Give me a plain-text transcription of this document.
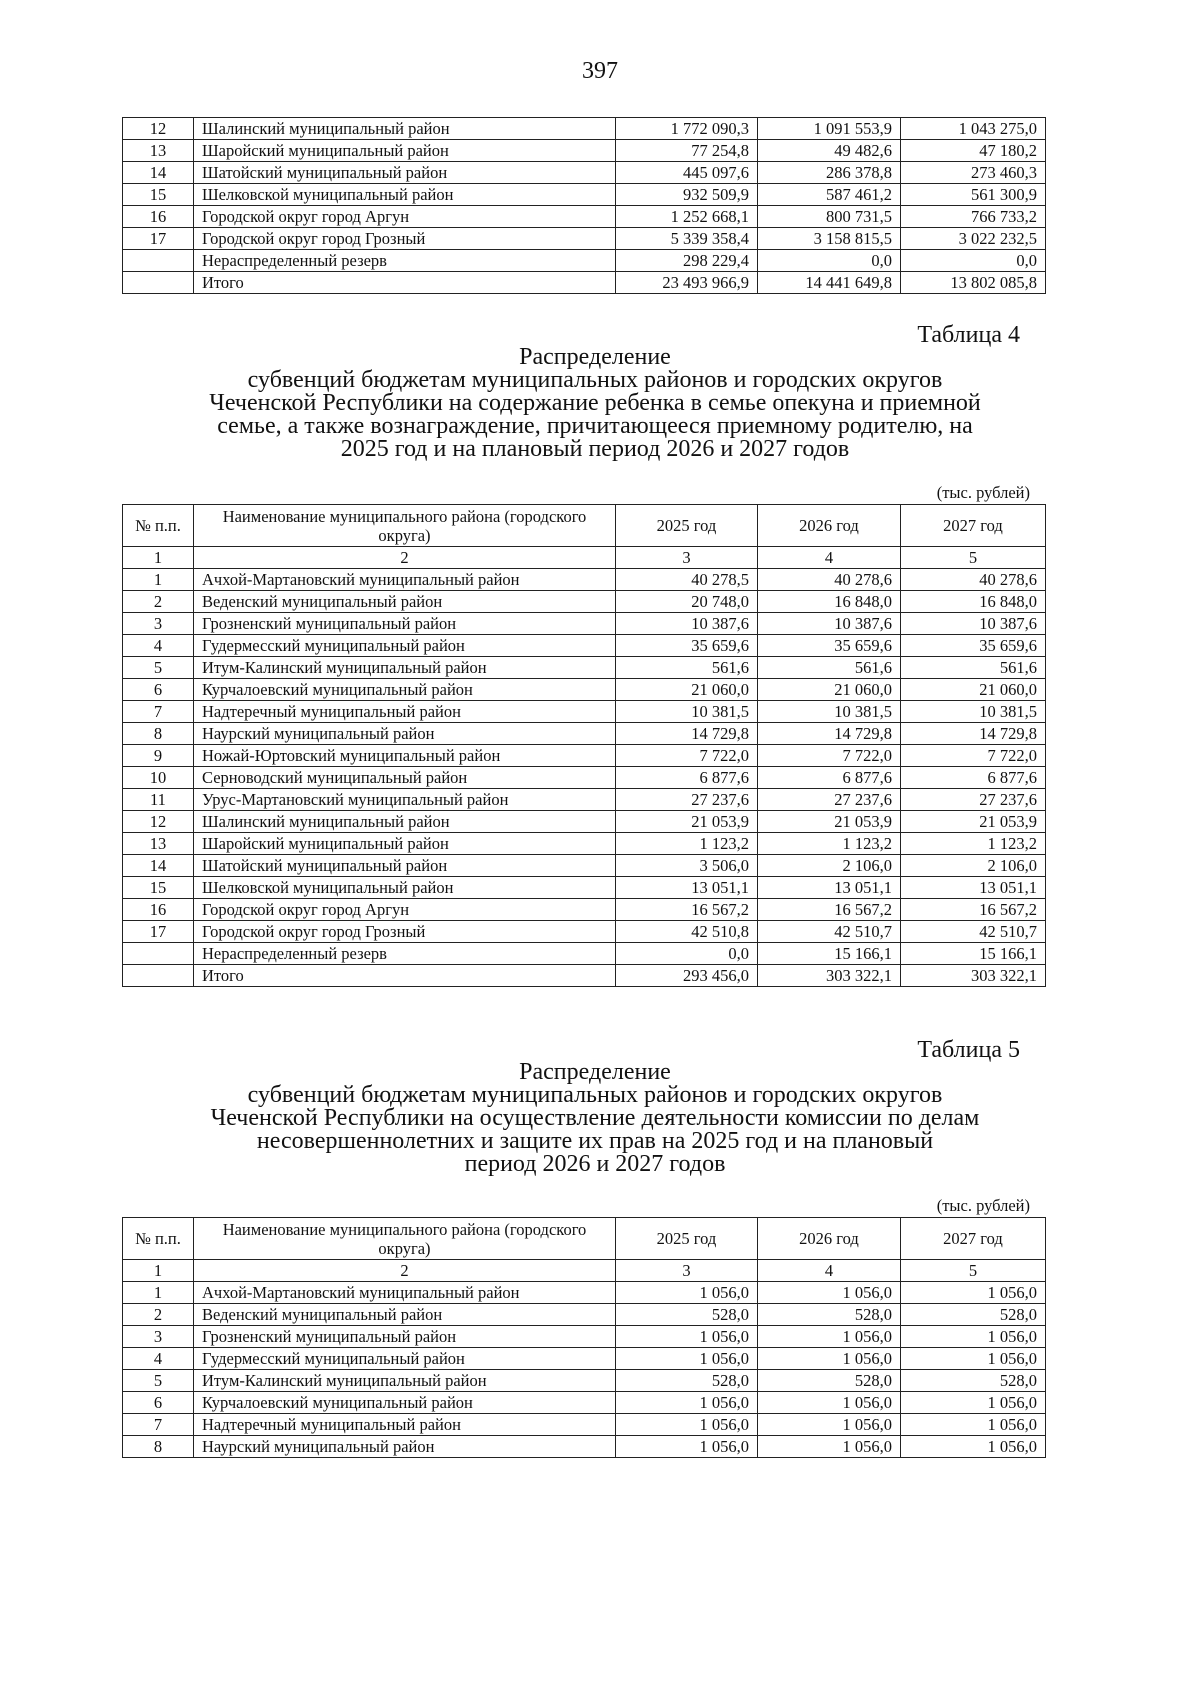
397
12	Шалинский муниципальный район	1 772 090,3	1 091 553,9	1 043 275,0
13	Шаройский муниципальный район	77 254,8	49 482,6	47 180,2
14	Шатойский муниципальный район	445 097,6	286 378,8	273 460,3
15	Шелковской муниципальный район	932 509,9	587 461,2	561 300,9
16	Городской округ город Аргун	1 252 668,1	800 731,5	766 733,2
17	Городской округ город Грозный	5 339 358,4	3 158 815,5	3 022 232,5
	Нераспределенный резерв	298 229,4	0,0	0,0
	Итого	23 493 966,9	14 441 649,8	13 802 085,8
Таблица 4
Распределение
субвенций бюджетам муниципальных районов и городских округов
Чеченской Республики на содержание ребенка в семье опекуна и приемной
семье, а также вознаграждение, причитающееся приемному родителю, на
2025 год и на плановый период 2026 и 2027 годов
(тыс. рублей)
№ п.п.	Наименование муниципального района (городского округа)	2025 год	2026 год	2027 год
1	2	3	4	5
1	Ачхой-Мартановский муниципальный район	40 278,5	40 278,6	40 278,6
2	Веденский муниципальный район	20 748,0	16 848,0	16 848,0
3	Грозненский муниципальный район	10 387,6	10 387,6	10 387,6
4	Гудермесский муниципальный район	35 659,6	35 659,6	35 659,6
5	Итум-Калинский муниципальный район	561,6	561,6	561,6
6	Курчалоевский муниципальный район	21 060,0	21 060,0	21 060,0
7	Надтеречный муниципальный район	10 381,5	10 381,5	10 381,5
8	Наурский муниципальный район	14 729,8	14 729,8	14 729,8
9	Ножай-Юртовский муниципальный район	7 722,0	7 722,0	7 722,0
10	Серноводский муниципальный район	6 877,6	6 877,6	6 877,6
11	Урус-Мартановский муниципальный район	27 237,6	27 237,6	27 237,6
12	Шалинский муниципальный район	21 053,9	21 053,9	21 053,9
13	Шаройский муниципальный район	1 123,2	1 123,2	1 123,2
14	Шатойский муниципальный район	3 506,0	2 106,0	2 106,0
15	Шелковской муниципальный район	13 051,1	13 051,1	13 051,1
16	Городской округ город Аргун	16 567,2	16 567,2	16 567,2
17	Городской округ город Грозный	42 510,8	42 510,7	42 510,7
	Нераспределенный резерв	0,0	15 166,1	15 166,1
	Итого	293 456,0	303 322,1	303 322,1
Таблица 5
Распределение
субвенций бюджетам муниципальных районов и городских округов
Чеченской Республики на осуществление деятельности комиссии по делам
несовершеннолетних и защите их прав на 2025 год и на плановый
период 2026 и 2027 годов
(тыс. рублей)
№ п.п.	Наименование муниципального района (городского округа)	2025 год	2026 год	2027 год
1	2	3	4	5
1	Ачхой-Мартановский муниципальный район	1 056,0	1 056,0	1 056,0
2	Веденский муниципальный район	528,0	528,0	528,0
3	Грозненский муниципальный район	1 056,0	1 056,0	1 056,0
4	Гудермесский муниципальный район	1 056,0	1 056,0	1 056,0
5	Итум-Калинский муниципальный район	528,0	528,0	528,0
6	Курчалоевский муниципальный район	1 056,0	1 056,0	1 056,0
7	Надтеречный муниципальный район	1 056,0	1 056,0	1 056,0
8	Наурский муниципальный район	1 056,0	1 056,0	1 056,0
